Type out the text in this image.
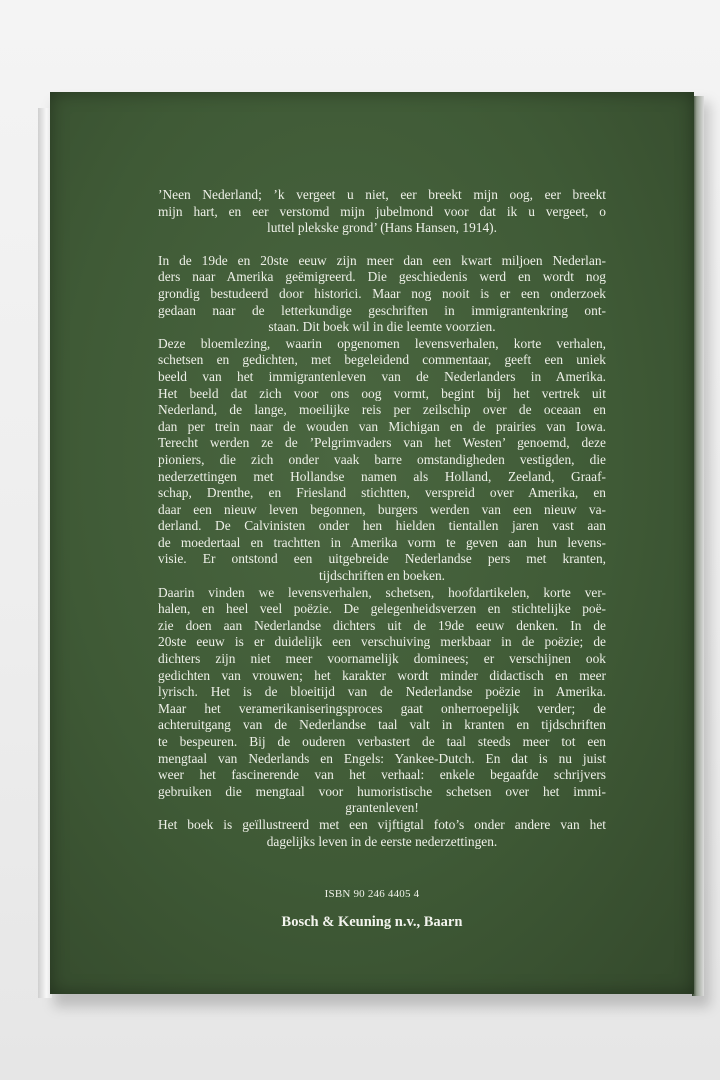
’Neen Nederland; ’k vergeet u niet, eer breekt mijn oog, eer breekt
mijn hart, en eer verstomd mijn jubelmond voor dat ik u vergeet, o
luttel plekske grond’ (Hans Hansen, 1914).
In de 19de en 20ste eeuw zijn meer dan een kwart miljoen Nederlan-
ders naar Amerika geëmigreerd. Die geschiedenis werd en wordt nog
grondig bestudeerd door historici. Maar nog nooit is er een onderzoek
gedaan naar de letterkundige geschriften in immigrantenkring ont-
staan. Dit boek wil in die leemte voorzien.
Deze bloemlezing, waarin opgenomen levensverhalen, korte verhalen,
schetsen en gedichten, met begeleidend commentaar, geeft een uniek
beeld van het immigrantenleven van de Nederlanders in Amerika.
Het beeld dat zich voor ons oog vormt, begint bij het vertrek uit
Nederland, de lange, moeilijke reis per zeilschip over de oceaan en
dan per trein naar de wouden van Michigan en de prairies van Iowa.
Terecht werden ze de ’Pelgrimvaders van het Westen’ genoemd, deze
pioniers, die zich onder vaak barre omstandigheden vestigden, die
nederzettingen met Hollandse namen als Holland, Zeeland, Graaf-
schap, Drenthe, en Friesland stichtten, verspreid over Amerika, en
daar een nieuw leven begonnen, burgers werden van een nieuw va-
derland. De Calvinisten onder hen hielden tientallen jaren vast aan
de moedertaal en trachtten in Amerika vorm te geven aan hun levens-
visie. Er ontstond een uitgebreide Nederlandse pers met kranten,
tijdschriften en boeken.
Daarin vinden we levensverhalen, schetsen, hoofdartikelen, korte ver-
halen, en heel veel poëzie. De gelegenheidsverzen en stichtelijke poë-
zie doen aan Nederlandse dichters uit de 19de eeuw denken. In de
20ste eeuw is er duidelijk een verschuiving merkbaar in de poëzie; de
dichters zijn niet meer voornamelijk dominees; er verschijnen ook
gedichten van vrouwen; het karakter wordt minder didactisch en meer
lyrisch. Het is de bloeitijd van de Nederlandse poëzie in Amerika.
Maar het veramerikaniseringsproces gaat onherroepelijk verder; de
achteruitgang van de Nederlandse taal valt in kranten en tijdschriften
te bespeuren. Bij de ouderen verbastert de taal steeds meer tot een
mengtaal van Nederlands en Engels: Yankee-Dutch. En dat is nu juist
weer het fascinerende van het verhaal: enkele begaafde schrijvers
gebruiken die mengtaal voor humoristische schetsen over het immi-
grantenleven!
Het boek is geïllustreerd met een vijftigtal foto’s onder andere van het
dagelijks leven in de eerste nederzettingen.
ISBN 90 246 4405 4
Bosch & Keuning n.v., Baarn
